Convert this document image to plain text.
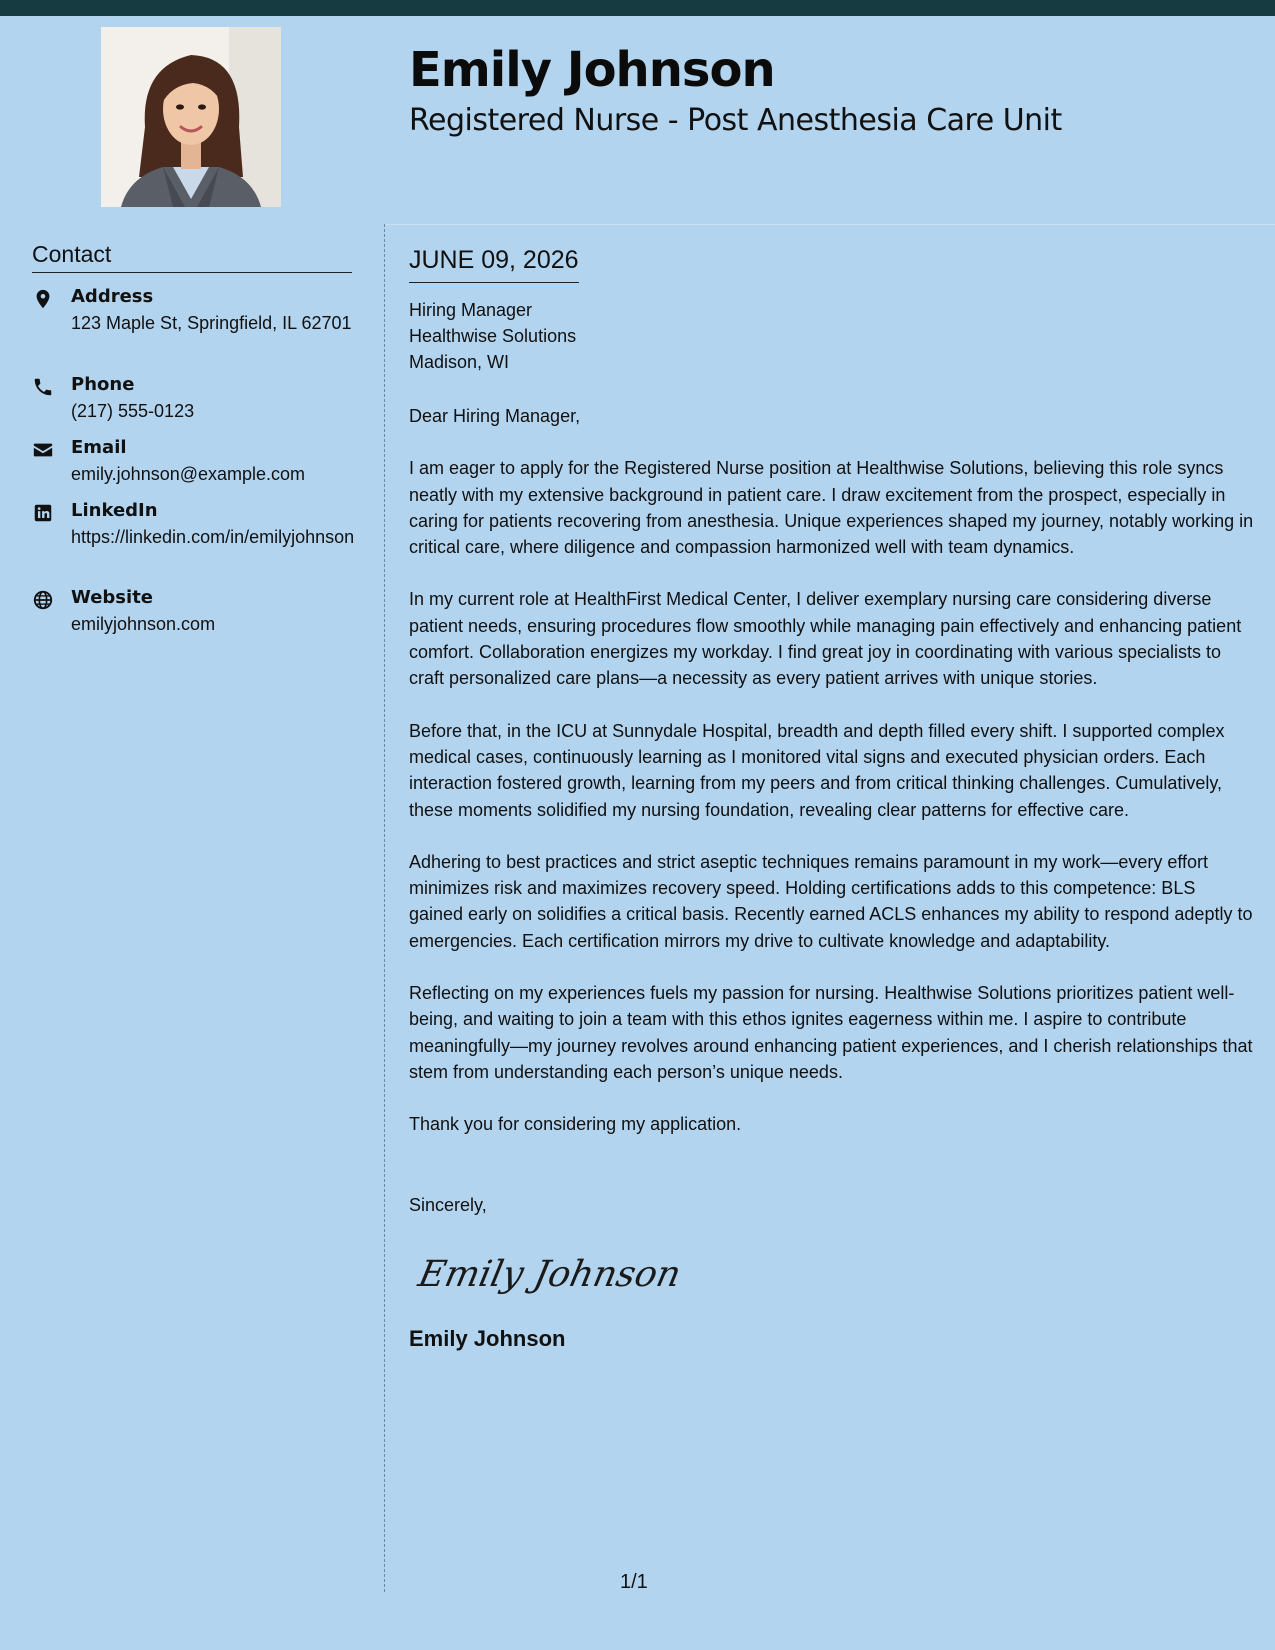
Emily Johnson
Registered Nurse - Post Anesthesia Care Unit
Contact
Address
123 Maple St, Springfield, IL 62701
Phone
(217) 555-0123
Email
emily.johnson@example.com
LinkedIn
https://linkedin.com/in/emilyjohnson
Website
emilyjohnson.com
JUNE 09, 2026
Hiring Manager
Healthwise Solutions
Madison, WI
Dear Hiring Manager,

I am eager to apply for the Registered Nurse position at Healthwise Solutions, believing this role syncs neatly with my extensive background in patient care. I draw excitement from the prospect, especially in caring for patients recovering from anesthesia. Unique experiences shaped my journey, notably working in critical care, where diligence and compassion harmonized well with team dynamics.

In my current role at HealthFirst Medical Center, I deliver exemplary nursing care considering diverse patient needs, ensuring procedures flow smoothly while managing pain effectively and enhancing patient comfort. Collaboration energizes my workday. I find great joy in coordinating with various specialists to craft personalized care plans—a necessity as every patient arrives with unique stories.

Before that, in the ICU at Sunnydale Hospital, breadth and depth filled every shift. I supported complex medical cases, continuously learning as I monitored vital signs and executed physician orders. Each interaction fostered growth, learning from my peers and from critical thinking challenges. Cumulatively, these moments solidified my nursing foundation, revealing clear patterns for effective care.

Adhering to best practices and strict aseptic techniques remains paramount in my work—every effort minimizes risk and maximizes recovery speed. Holding certifications adds to this competence: BLS gained early on solidifies a critical basis. Recently earned ACLS enhances my ability to respond adeptly to emergencies. Each certification mirrors my drive to cultivate knowledge and adaptability.

Reflecting on my experiences fuels my passion for nursing. Healthwise Solutions prioritizes patient well-being, and waiting to join a team with this ethos ignites eagerness within me. I aspire to contribute meaningfully—my journey revolves around enhancing patient experiences, and I cherish relationships that stem from understanding each person’s unique needs.

Thank you for considering my application.

Sincerely,
Emily Johnson
Emily Johnson
1/1
